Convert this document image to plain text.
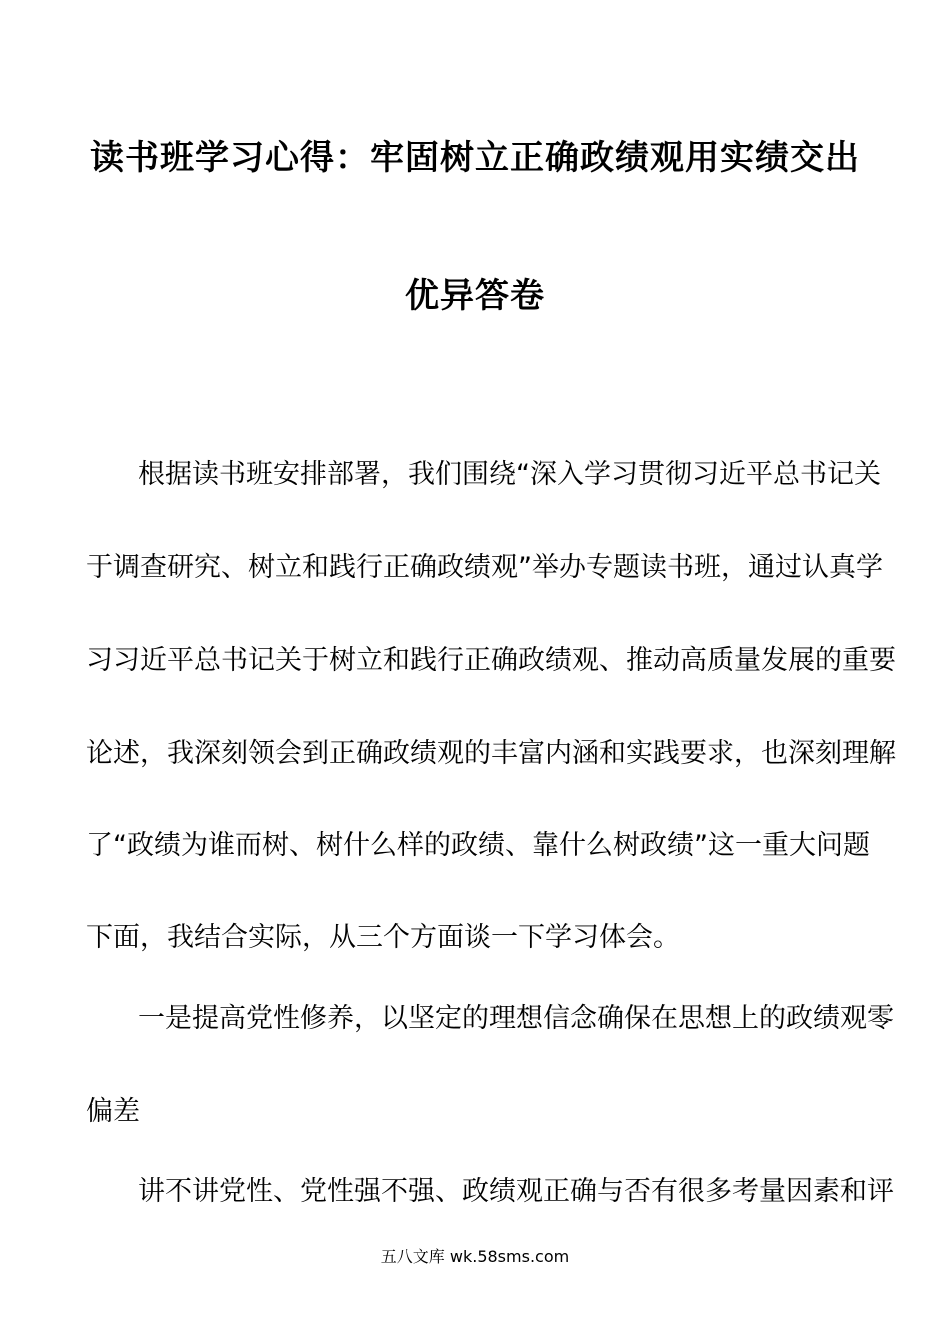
读书班学习心得：牢固树立正确政绩观用实绩交出
优异答卷
根据读书班安排部署，我们围绕“深入学习贯彻习近平总书记关
于调查研究、树立和践行正确政绩观”举办专题读书班，通过认真学
习习近平总书记关于树立和践行正确政绩观、推动高质量发展的重要
论述，我深刻领会到正确政绩观的丰富内涵和实践要求，也深刻理解
了“政绩为谁而树、树什么样的政绩、靠什么树政绩”这一重大问题
下面，我结合实际，从三个方面谈一下学习体会。
一是提高党性修养，以坚定的理想信念确保在思想上的政绩观零
偏差
讲不讲党性、党性强不强、政绩观正确与否有很多考量因素和评
五八文库 wk.58sms.com
